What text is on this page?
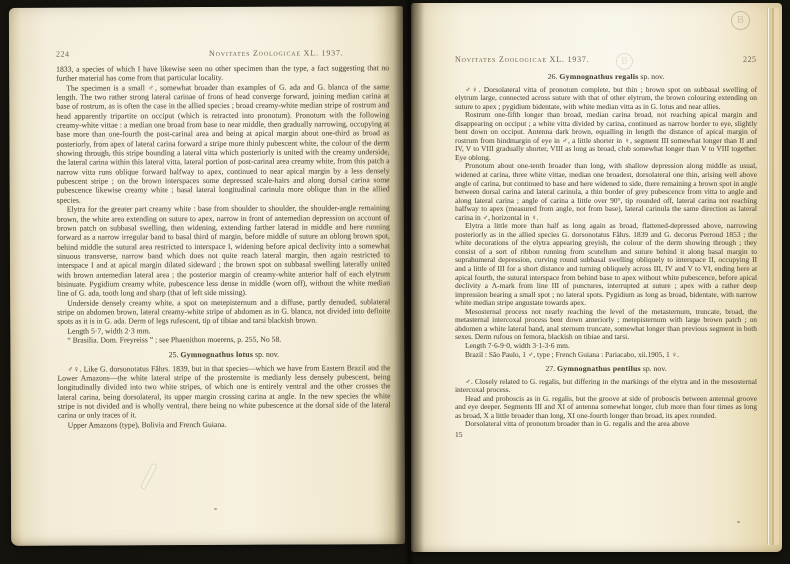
224	Novitates Zoologicae XL. 1937.

1833, a species of which I have likewise seen no other specimen than the type, a fact suggesting that no further material has come from that particular locality.

The specimen is a small ♂, somewhat broader than examples of G. ada and G. blanca of the same length. The two rather strong lateral carinae of frons of head converge forward, joining median carina at base of rostrum, as is often the case in the allied species ; broad creamy-white median stripe of rostrum and head apparently tripartite on occiput (which is retracted into pronotum). Pronotum with the following creamy-white vittae : a median one broad from base to near middle, then gradually narrowing, occupying at base more than one-fourth the post-carinal area and being at apical margin about one-third as broad as posteriorly, from apex of lateral carina forward a stripe more thinly pubescent white, the colour of the derm showing through, this stripe bounding a lateral vitta which posteriorly is united with the creamy underside, the lateral carina within this lateral vitta, lateral portion of post-carinal area creamy white, from this patch a narrow vitta runs oblique forward halfway to apex, continued to near apical margin by a less densely pubescent stripe ; on the brown interspaces some depressed scale-hairs and along dorsal carina some pubescence likewise creamy white ; basal lateral longitudinal carinula more oblique than in the allied species.

Elytra for the greater part creamy white : base from shoulder to shoulder, the shoulder-angle remaining brown, the white area extending on suture to apex, narrow in front of antemedian depression on account of brown patch on subbasal swelling, then widening, extending farther laterad in middle and here running forward as a narrow irregular band to basal third of margin, before middle of suture an oblong brown spot, behind middle the sutural area restricted to interspace I, widening before apical declivity into a somewhat sinuous transverse, narrow band which does not quite reach lateral margin, then again restricted to interspace I and at apical margin dilated sideward ; the brown spot on subbasal swelling laterally united with brown antemedian lateral area ; the posterior margin of creamy-white anterior half of each elytrum bisinuate. Pygidium creamy white, pubescence less dense in middle (worn off), without the white median line of G. ada, tooth long and sharp (that of left side missing).

Underside densely creamy white, a spot on metepisternum and a diffuse, partly denuded, sublateral stripe on abdomen brown, lateral creamy-white stripe of abdomen as in G. blanca, not divided into definite spots as it is in G. ada. Derm of legs rufescent, tip of tibiae and tarsi blackish brown.

Length 5·7, width 2·3 mm.

“ Brasilia. Dom. Freyreiss ” ; see Phaenithon moerens, p. 255, No 58.

25. Gymnognathus lotus sp. nov.

♂♀. Like G. dorsonotatus Fåhrs. 1839, but in that species—which we have from Eastern Brazil and the Lower Amazons—the white lateral stripe of the prosternite is medianly less densely pubescent, being longitudinally divided into two white stripes, of which one is entirely ventral and the other crosses the lateral carina, being dorsolateral, its upper margin crossing carina at angle. In the new species the white stripe is not divided and is wholly ventral, there being no white pubescence at the dorsal side of the lateral carina or only traces of it.

Upper Amazons (type), Bolivia and French Guiana.

Novitates Zoologicae XL. 1937.	225
26. Gymnognathus regalis sp. nov.

♂♀. Dorsolateral vitta of pronotum complete, but thin ; brown spot on subbasal swelling of elytrum large, connected across suture with that of other elytrum, the brown colouring extending on suture to apex ; pygidium bidentate, with white median vitta as in G. lotus and near allies.

Rostrum one-fifth longer than broad, median carina broad, not reaching apical margin and disappearing on occiput ; a white vitta divided by carina, continued as narrow border to eye, slightly bent down on occiput. Antenna dark brown, equalling in length the distance of apical margin of rostrum from hindmargin of eye in ♂, a little shorter in ♀, segment III somewhat longer than II and IV, V to VIII gradually shorter, VIII as long as broad, club somewhat longer than V to VIII together. Eye oblong.

Pronotum about one-tenth broader than long, with shallow depression along middle as usual, widened at carina, three white vittae, median one broadest, dorsolateral one thin, arising well above angle of carina, but continued to base and here widened to side, there remaining a brown spot in angle between dorsal carina and lateral carinula, a thin border of grey pubescence from vitta to angle and along lateral carina ; angle of carina a little over 90°, tip rounded off, lateral carina not reaching halfway to apex (measured from angle, not from base), lateral carinula the same direction as lateral carina in ♂, horizontal in ♀.

Elytra a little more than half as long again as broad, flattened-depressed above, narrowing posteriorly as in the allied species G. dorsonotatus Fåhrs. 1839 and G. decorus Perroud 1853 ; the white decorations of the elytra appearing greyish, the colour of the derm showing through ; they consist of a sort of ribbon running from scutellum and suture behind it along basal margin to suprahumeral depression, curving round subbasal swelling obliquely to interspace II, occupying II and a little of III for a short distance and turning obliquely across III, IV and V to VI, ending here at apical fourth, the sutural interspace from behind base to apex without white pubescence, before apical declivity a Λ-mark from line III of punctures, interrupted at suture ; apex with a rather deep impression bearing a small spot ; no lateral spots. Pygidium as long as broad, bidentate, with narrow white median stripe angustate towards apex.

Mesosternal process not nearly reaching the level of the metasternum, truncate, broad, the metasternal intercoxal process bent down anteriorly ; metepisternum with large brown patch ; on abdomen a white lateral band, anal sternum truncate, somewhat longer than previous segment in both sexes. Derm rufous on femora, blackish on tibiae and tarsi.

Length 7·6-9·0, width 3·1-3·6 mm.

Brazil : São Paulo, 1 ♂, type ; French Guiana : Pariacabo, xii.1905, 1 ♀.

27. Gymnognathus pentilus sp. nov.

♂. Closely related to G. regalis, but differing in the markings of the elytra and in the mesosternal intercoxal process.

Head and proboscis as in G. regalis, but the groove at side of proboscis between antennal groove and eye deeper. Segments III and XI of antenna somewhat longer, club more than four times as long as broad, X a little broader than long, XI one-fourth longer than broad, its apex rounded.

Dorsolateral vitta of pronotum broader than in G. regalis and the area above

15

B
B
